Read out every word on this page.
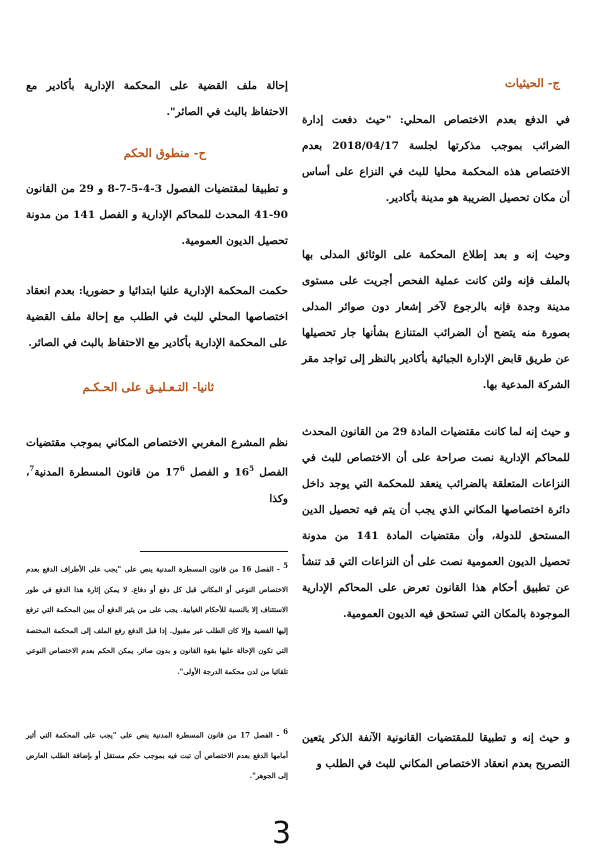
ج- الحيثيات
في الدفع بعدم الاختصاص المحلي: "حيث دفعت إدارة الضرائب بموجب مذكرتها لجلسة 2018/04/17 بعدم الاختصاص هذه المحكمة محليا للبث في النزاع على أساس أن مكان تحصيل الضريبة هو مدينة بأكادير.
وحيث إنه و بعد إطلاع المحكمة على الوثائق المدلى بها بالملف فإنه ولئن كانت عملية الفحص أجريت على مستوى مدينة وجدة فإنه بالرجوع لآخر إشعار دون صوائر المدلى بصورة منه يتضح أن الضرائب المتنازع بشأنها جار تحصيلها عن طريق قابض الإدارة الجبائية بأكادير بالنظر إلى تواجد مقر الشركة المدعية بها.
و حيث إنه لما كانت مقتضيات المادة 29 من القانون المحدث للمحاكم الإدارية نصت صراحة على أن الاختصاص للبث في النزاعات المتعلقة بالضرائب ينعقد للمحكمة التي يوجد داخل دائرة اختصاصها المكاني الذي يجب أن يتم فيه تحصيل الدين المستحق للدولة، وأن مقتضيات المادة 141 من مدونة تحصيل الديون العمومية نصت على أن النزاعات التي قد تنشأ عن تطبيق أحكام هذا القانون تعرض على المحاكم الإدارية الموجودة بالمكان التي تستحق فيه الديون العمومية.
و حيث إنه و تطبيقا للمقتضيات القانونية الآنفة الذكر يتعين التصريح بعدم انعقاد الاختصاص المكاني للبث في الطلب و
إحالة ملف القضية على المحكمة الإدارية بأكادير مع الاحتفاظ بالبث في الصائر".
ح- منطوق الحكم
و تطبيقا لمقتضيات الفصول 3-4-5-7-8 و 29 من القانون 90-41 المحدث للمحاكم الإدارية و الفصل 141 من مدونة تحصيل الديون العمومية.
حكمت المحكمة الإدارية علنيا ابتدائيا و حضوريا: بعدم انعقاد اختصاصها المحلي للبث في الطلب مع إحالة ملف القضية على المحكمة الإدارية بأكادير مع الاحتفاظ بالبث في الصائر.
ثانيا- التـعـليـق على الحـكـم
نظم المشرع المغربي الاختصاص المكاني بموجب مقتضيات الفصل $16^5$ و الفصل $17^6$ من قانون المسطرة المدنية$^7$، وكذا
$^5$ - الفصل 16 من قانون المسطرة المدنية ينص على "يجب على الأطراف الدفع بعدم الاختصاص النوعي أو المكاني قبل كل دفع أو دفاع. لا يمكن إثارة هذا الدفع في طور الاستئناف إلا بالنسبة للأحكام الغيابية. يجب على من يثير الدفع أن يبين المحكمة التي ترفع إليها القضية وإلا كان الطلب غير مقبول. إذا قبل الدفع رفع الملف إلى المحكمة المختصة التي تكون الإحالة عليها بقوة القانون و بدون صائر. يمكن الحكم بعدم الاختصاص النوعي تلقائيا من لدن محكمة الدرجة الأولى".
$^6$ - الفصل 17 من قانون المسطرة المدنية ينص على "يجب على المحكمة التي أثير أمامها الدفع بعدم الاختصاص أن تبت فيه بموجب حكم مستقل أو بإضافة الطلب العارض إلى الجوهر".
3
